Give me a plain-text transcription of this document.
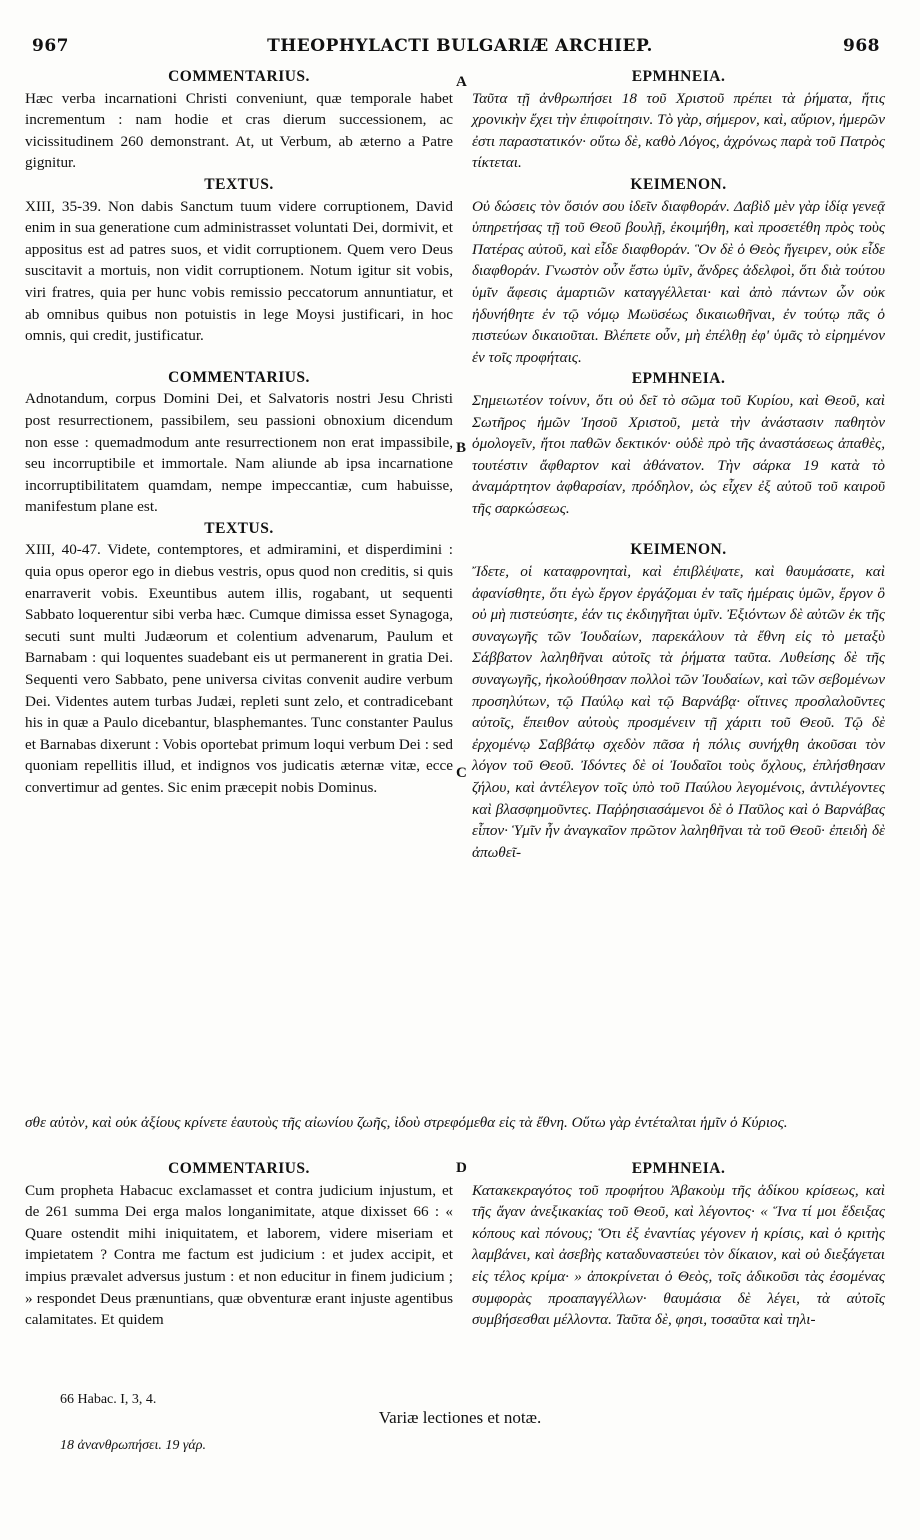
967	THEOPHYLACTI BULGARIÆ ARCHIEP.	968
A
B
C
D
COMMENTARIUS.

Hæc verba incarnationi Christi conveniunt, quæ temporale habet incrementum : nam hodie et cras dierum successionem, ac vicissitudinem 260 demonstrant. At, ut Verbum, ab æterno a Patre gignitur.

TEXTUS.

XIII, 35-39. Non dabis Sanctum tuum videre corruptionem, David enim in sua generatione cum administrasset voluntati Dei, dormivit, et appositus est ad patres suos, et vidit corruptionem. Quem vero Deus suscitavit a mortuis, non vidit corruptionem. Notum igitur sit vobis, viri fratres, quia per hunc vobis remissio peccatorum annuntiatur, et ab omnibus quibus non potuistis in lege Moysi justificari, in hoc omnis, qui credit, justificatur.

COMMENTARIUS.

Adnotandum, corpus Domini Dei, et Salvatoris nostri Jesu Christi post resurrectionem, passibilem, seu passioni obnoxium dicendum non esse : quemadmodum ante resurrectionem non erat impassibile, seu incorruptibile et immortale. Nam aliunde ab ipsa incarnatione incorruptibilitatem quamdam, nempe impeccantiæ, cum habuisse, manifestum plane est.

TEXTUS.

XIII, 40-47. Videte, contemptores, et admiramini, et disperdimini : quia opus operor ego in diebus vestris, opus quod non creditis, si quis enarraverit vobis. Exeuntibus autem illis, rogabant, ut sequenti Sabbato loquerentur sibi verba hæc. Cumque dimissa esset Synagoga, secuti sunt multi Judæorum et colentium advenarum, Paulum et Barnabam : qui loquentes suadebant eis ut permanerent in gratia Dei. Sequenti vero Sabbato, pene universa civitas convenit audire verbum Dei. Videntes autem turbas Judæi, repleti sunt zelo, et contradicebant his in quæ a Paulo dicebantur, blasphemantes. Tunc constanter Paulus et Barnabas dixerunt : Vobis oportebat primum loqui verbum Dei : sed quoniam repellitis illud, et indignos vos judicatis æternæ vitæ, ecce convertimur ad gentes. Sic enim præcepit nobis Dominus.

ΕΡΜΗΝΕΙΑ.

Ταῦτα τῇ ἀνθρωπήσει 18 τοῦ Χριστοῦ πρέπει τὰ ῥήματα, ἥτις χρονικὴν ἔχει τὴν ἐπιφοίτησιν. Τὸ γὰρ, σήμερον, καὶ, αὔριον, ἡμερῶν ἐστι παραστατικόν· οὕτω δὲ, καθὸ Λόγος, ἀχρόνως παρὰ τοῦ Πατρὸς τίκτεται.

ΚΕΙΜΕΝΟΝ.

Οὐ δώσεις τὸν ὅσιόν σου ἰδεῖν διαφθοράν. Δαβὶδ μὲν γὰρ ἰδίᾳ γενεᾷ ὑπηρετήσας τῇ τοῦ Θεοῦ βουλῇ, ἐκοιμήθη, καὶ προσετέθη πρὸς τοὺς Πατέρας αὐτοῦ, καὶ εἶδε διαφθοράν. Ὃν δὲ ὁ Θεὸς ἤγειρεν, οὐκ εἶδε διαφθοράν. Γνωστὸν οὖν ἔστω ὑμῖν, ἄνδρες ἀδελφοὶ, ὅτι διὰ τούτου ὑμῖν ἄφεσις ἁμαρτιῶν καταγγέλλεται· καὶ ἀπὸ πάντων ὧν οὐκ ἠδυνήθητε ἐν τῷ νόμῳ Μωϋσέως δικαιωθῆναι, ἐν τούτῳ πᾶς ὁ πιστεύων δικαιοῦται. Βλέπετε οὖν, μὴ ἐπέλθῃ ἐφ' ὑμᾶς τὸ εἰρημένον ἐν τοῖς προφήταις.

ΕΡΜΗΝΕΙΑ.

Σημειωτέον τοίνυν, ὅτι οὐ δεῖ τὸ σῶμα τοῦ Κυρίου, καὶ Θεοῦ, καὶ Σωτῆρος ἡμῶν Ἰησοῦ Χριστοῦ, μετὰ τὴν ἀνάστασιν παθητὸν ὁμολογεῖν, ἤτοι παθῶν δεκτικόν· οὐδὲ πρὸ τῆς ἀναστάσεως ἀπαθὲς, τουτέστιν ἄφθαρτον καὶ ἀθάνατον. Τὴν σάρκα 19 κατὰ τὸ ἀναμάρτητον ἀφθαρσίαν, πρόδηλον, ὡς εἶχεν ἐξ αὐτοῦ τοῦ καιροῦ τῆς σαρκώσεως.

ΚΕΙΜΕΝΟΝ.

Ἴδετε, οἱ καταφρονηταὶ, καὶ ἐπιβλέψατε, καὶ θαυμάσατε, καὶ ἀφανίσθητε, ὅτι ἐγὼ ἔργον ἐργάζομαι ἐν ταῖς ἡμέραις ὑμῶν, ἔργον ὃ οὐ μὴ πιστεύσητε, ἐάν τις ἐκδιηγῆται ὑμῖν. Ἐξιόντων δὲ αὐτῶν ἐκ τῆς συναγωγῆς τῶν Ἰουδαίων, παρεκάλουν τὰ ἔθνη εἰς τὸ μεταξὺ Σάββατον λαληθῆναι αὐτοῖς τὰ ῥήματα ταῦτα. Λυθείσης δὲ τῆς συναγωγῆς, ἠκολούθησαν πολλοὶ τῶν Ἰουδαίων, καὶ τῶν σεβομένων προσηλύτων, τῷ Παύλῳ καὶ τῷ Βαρνάβᾳ· οἵτινες προσλαλοῦντες αὐτοῖς, ἔπειθον αὐτοὺς προσμένειν τῇ χάριτι τοῦ Θεοῦ. Τῷ δὲ ἐρχομένῳ Σαββάτῳ σχεδὸν πᾶσα ἡ πόλις συνήχθη ἀκοῦσαι τὸν λόγον τοῦ Θεοῦ. Ἰδόντες δὲ οἱ Ἰουδαῖοι τοὺς ὄχλους, ἐπλήσθησαν ζήλου, καὶ ἀντέλεγον τοῖς ὑπὸ τοῦ Παύλου λεγομένοις, ἀντιλέγοντες καὶ βλασφημοῦντες. Παῤῥησιασάμενοι δὲ ὁ Παῦλος καὶ ὁ Βαρνάβας εἶπον· Ὑμῖν ἦν ἀναγκαῖον πρῶτον λαληθῆναι τὰ τοῦ Θεοῦ· ἐπειδὴ δὲ ἀπωθεῖ-

σθε αὐτὸν, καὶ οὐκ ἀξίους κρίνετε ἑαυτοὺς τῆς αἰωνίου ζωῆς, ἰδοὺ στρεφόμεθα εἰς τὰ ἔθνη. Οὕτω γὰρ ἐντέταλται ἡμῖν ὁ Κύριος.
COMMENTARIUS.

Cum propheta Habacuc exclamasset et contra judicium injustum, et de 261 summa Dei erga malos longanimitate, atque dixisset 66 : « Quare ostendit mihi iniquitatem, et laborem, videre miseriam et impietatem ? Contra me factum est judicium : et judex accipit, et impius prævalet adversus justum : et non educitur in finem judicium ; » respondet Deus prænuntians, quæ obventuræ erant injuste agentibus calamitates. Et quidem

ΕΡΜΗΝΕΙΑ.

Κατακεκραγότος τοῦ προφήτου Ἀβακοὺμ τῆς ἀδίκου κρίσεως, καὶ τῆς ἄγαν ἀνεξικακίας τοῦ Θεοῦ, καὶ λέγοντος· « Ἵνα τί μοι ἔδειξας κόπους καὶ πόνους; Ὅτι ἐξ ἐναντίας γέγονεν ἡ κρίσις, καὶ ὁ κριτὴς λαμβάνει, καὶ ἀσεβὴς καταδυναστεύει τὸν δίκαιον, καὶ οὐ διεξάγεται εἰς τέλος κρίμα· » ἀποκρίνεται ὁ Θεὸς, τοῖς ἀδικοῦσι τὰς ἐσομένας συμφορὰς προαπαγγέλλων· θαυμάσια δὲ λέγει, τὰ αὐτοῖς συμβήσεσθαι μέλλοντα. Ταῦτα δὲ, φησι, τοσαῦτα καὶ τηλι-

66 Habac. I, 3, 4.
Variæ lectiones et notæ.
18 ἀνανθρωπήσει. 19 γάρ.
